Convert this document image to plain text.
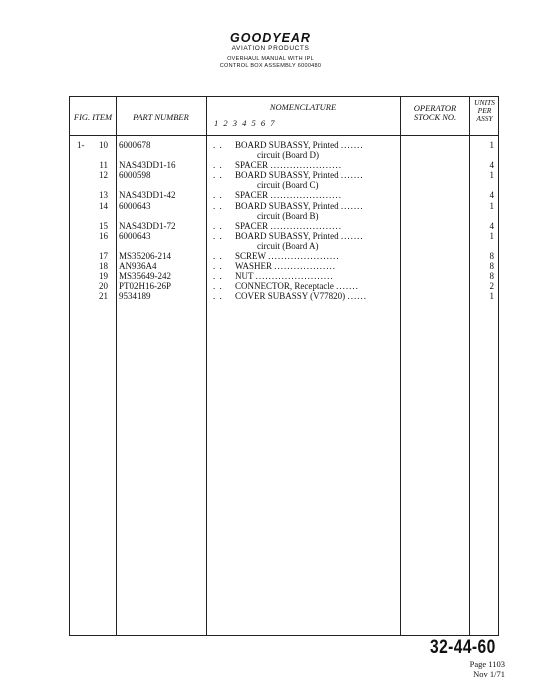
GOODYEAR
AVIATION PRODUCTS
OVERHAUL MANUAL WITH IPL
CONTROL BOX ASSEMBLY 6000480
FIG. ITEM	PART NUMBER
NOMENCLATURE
1 2 3 4 5 6 7
OPERATOR
STOCK NO.
UNITS
PER
ASSY
1- 10 6000678	. . BOARD SUBASSY, Printed .......	1
circuit (Board D)
11 NAS43DD1-16	. . SPACER ......................	4
12 6000598	. . BOARD SUBASSY, Printed .......	1
circuit (Board C)
13 NAS43DD1-42	. . SPACER ......................	4
14 6000643	. . BOARD SUBASSY, Printed .......	1
circuit (Board B)
15 NAS43DD1-72	. . SPACER ......................	4
16 6000643	. . BOARD SUBASSY, Printed .......	1
circuit (Board A)
17 MS35206-214	. . SCREW ......................	8
18 AN936A4	. . WASHER ...................	8
19 MS35649-242	. . NUT ........................	8
20 PT02H16-26P	. . CONNECTOR, Receptacle .......	2
21 9534189	. . COVER SUBASSY (V77820) ......	1
32-44-60
Page 1103
Nov 1/71
